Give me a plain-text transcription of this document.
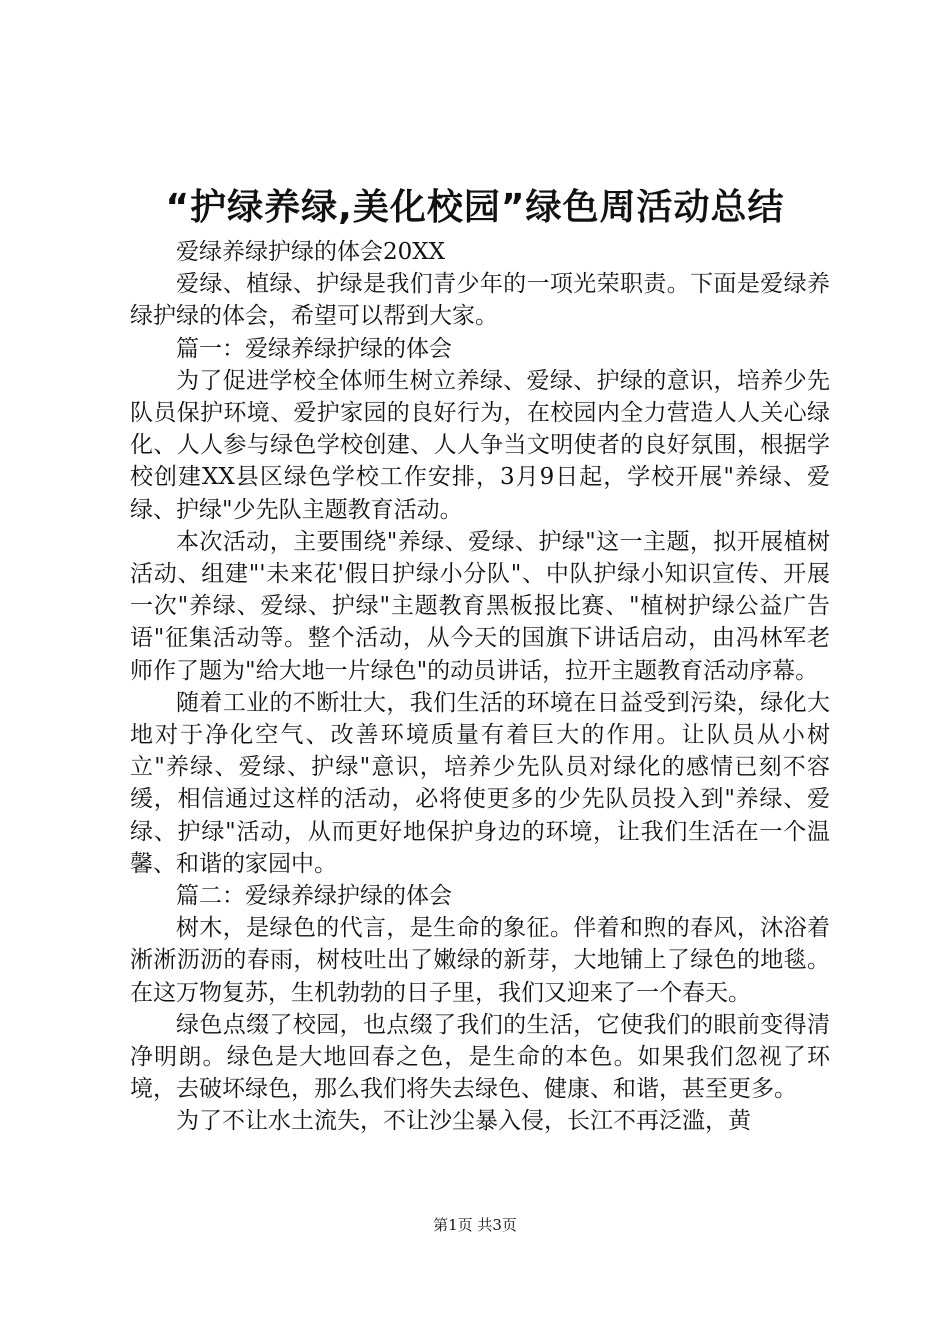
“护绿养绿,美化校园”绿色周活动总结

爱绿养绿护绿的体会20XX

爱绿、植绿、护绿是我们青少年的一项光荣职责。下面是爱绿养绿护绿的体会，希望可以帮到大家。

篇一：爱绿养绿护绿的体会

为了促进学校全体师生树立养绿、爱绿、护绿的意识，培养少先队员保护环境、爱护家园的良好行为，在校园内全力营造人人关心绿化、人人参与绿色学校创建、人人争当文明使者的良好氛围，根据学校创建XX县区绿色学校工作安排，3月9日起，学校开展"养绿、爱绿、护绿"少先队主题教育活动。

本次活动，主要围绕"养绿、爱绿、护绿"这一主题，拟开展植树活动、组建"'未来花'假日护绿小分队"、中队护绿小知识宣传、开展一次"养绿、爱绿、护绿"主题教育黑板报比赛、"植树护绿公益广告语"征集活动等。整个活动，从今天的国旗下讲话启动，由冯林军老师作了题为"给大地一片绿色"的动员讲话，拉开主题教育活动序幕。

随着工业的不断壮大，我们生活的环境在日益受到污染，绿化大地对于净化空气、改善环境质量有着巨大的作用。让队员从小树立"养绿、爱绿、护绿"意识，培养少先队员对绿化的感情已刻不容缓，相信通过这样的活动，必将使更多的少先队员投入到"养绿、爱绿、护绿"活动，从而更好地保护身边的环境，让我们生活在一个温馨、和谐的家园中。

篇二：爱绿养绿护绿的体会

树木，是绿色的代言，是生命的象征。伴着和煦的春风，沐浴着淅淅沥沥的春雨，树枝吐出了嫩绿的新芽，大地铺上了绿色的地毯。在这万物复苏，生机勃勃的日子里，我们又迎来了一个春天。

绿色点缀了校园，也点缀了我们的生活，它使我们的眼前变得清净明朗。绿色是大地回春之色，是生命的本色。如果我们忽视了环境，去破坏绿色，那么我们将失去绿色、健康、和谐，甚至更多。

为了不让水土流失，不让沙尘暴入侵，长江不再泛滥，黄

第1页 共3页
